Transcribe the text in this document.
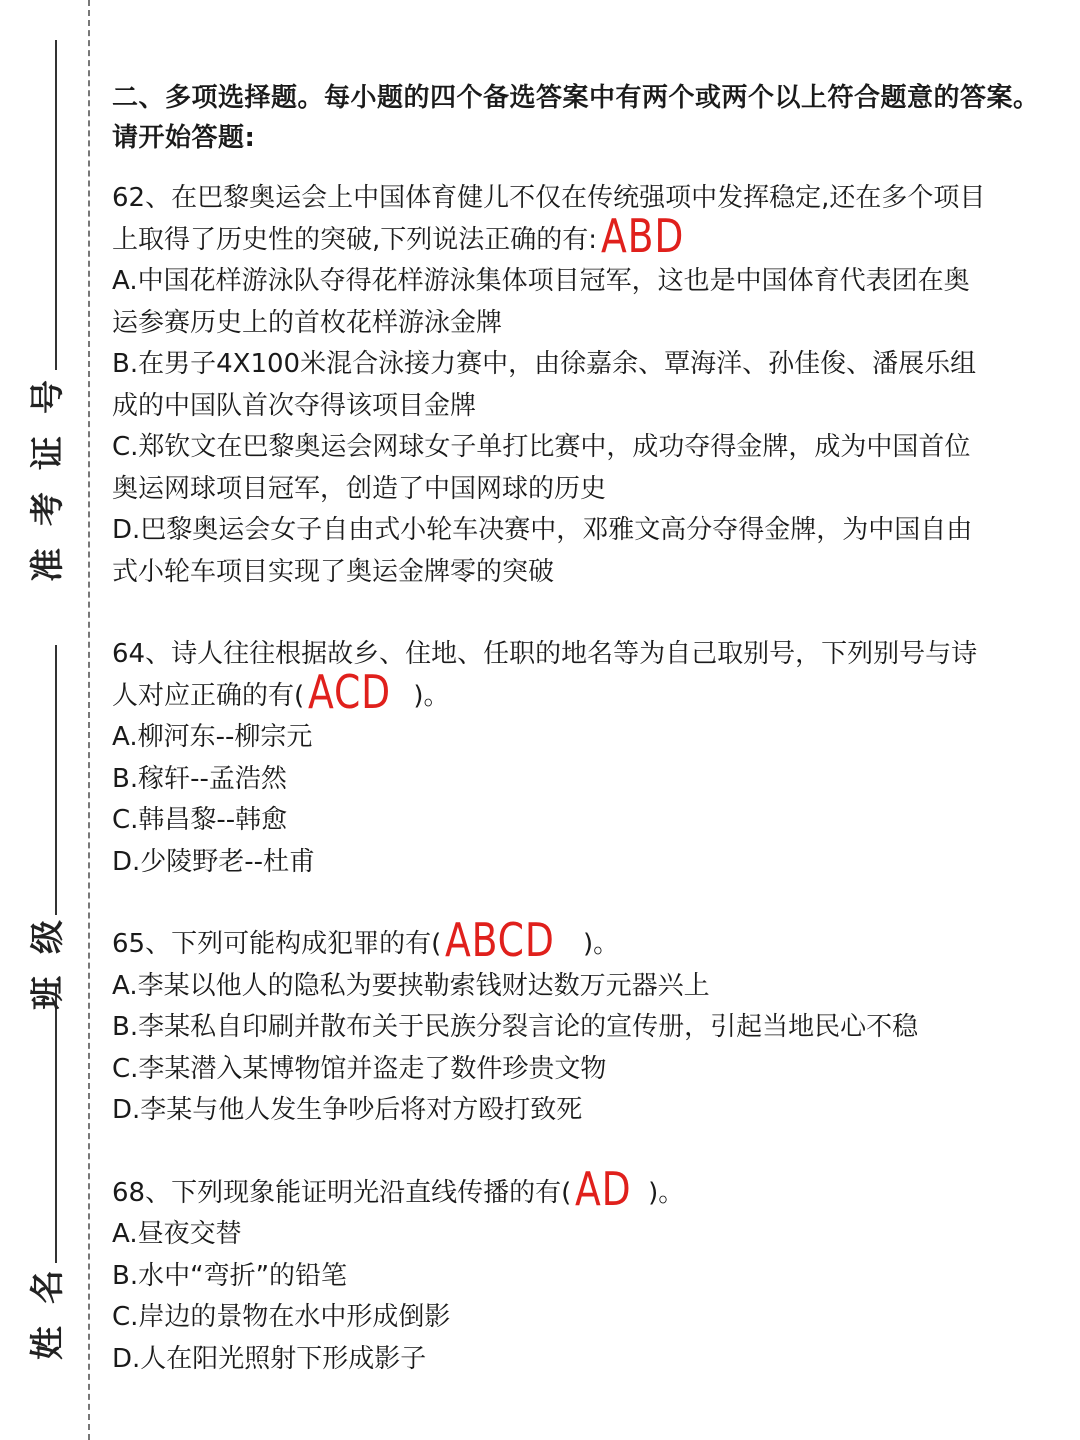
名
姓
级
班
号
证
考
准
二、多项选择题。每小题的四个备选答案中有两个或两个以上符合题意的答案。
请开始答题:

62、在巴黎奥运会上中国体育健儿不仅在传统强项中发挥稳定,还在多个项目

上取得了历史性的突破,下列说法正确的有:ABD

A.中国花样游泳队夺得花样游泳集体项目冠军，这也是中国体育代表团在奥

运参赛历史上的首枚花样游泳金牌

B.在男子4X100米混合泳接力赛中，由徐嘉余、覃海洋、孙佳俊、潘展乐组

成的中国队首次夺得该项目金牌

C.郑钦文在巴黎奥运会网球女子单打比赛中，成功夺得金牌，成为中国首位

奥运网球项目冠军，创造了中国网球的历史

D.巴黎奥运会女子自由式小轮车决赛中，邓雅文高分夺得金牌，为中国自由

式小轮车项目实现了奥运金牌零的突破

64、诗人往往根据故乡、住地、任职的地名等为自己取别号，下列别号与诗

人对应正确的有(ACD )。

A.柳河东--柳宗元

B.稼轩--孟浩然

C.韩昌黎--韩愈

D.少陵野老--杜甫

65、下列可能构成犯罪的有(ABCD )。

A.李某以他人的隐私为要挟勒索钱财达数万元器兴上

B.李某私自印刷并散布关于民族分裂言论的宣传册，引起当地民心不稳

C.李某潜入某博物馆并盗走了数件珍贵文物

D.李某与他人发生争吵后将对方殴打致死

68、下列现象能证明光沿直线传播的有(AD )。

A.昼夜交替

B.水中“弯折”的铅笔

C.岸边的景物在水中形成倒影

D.人在阳光照射下形成影子
